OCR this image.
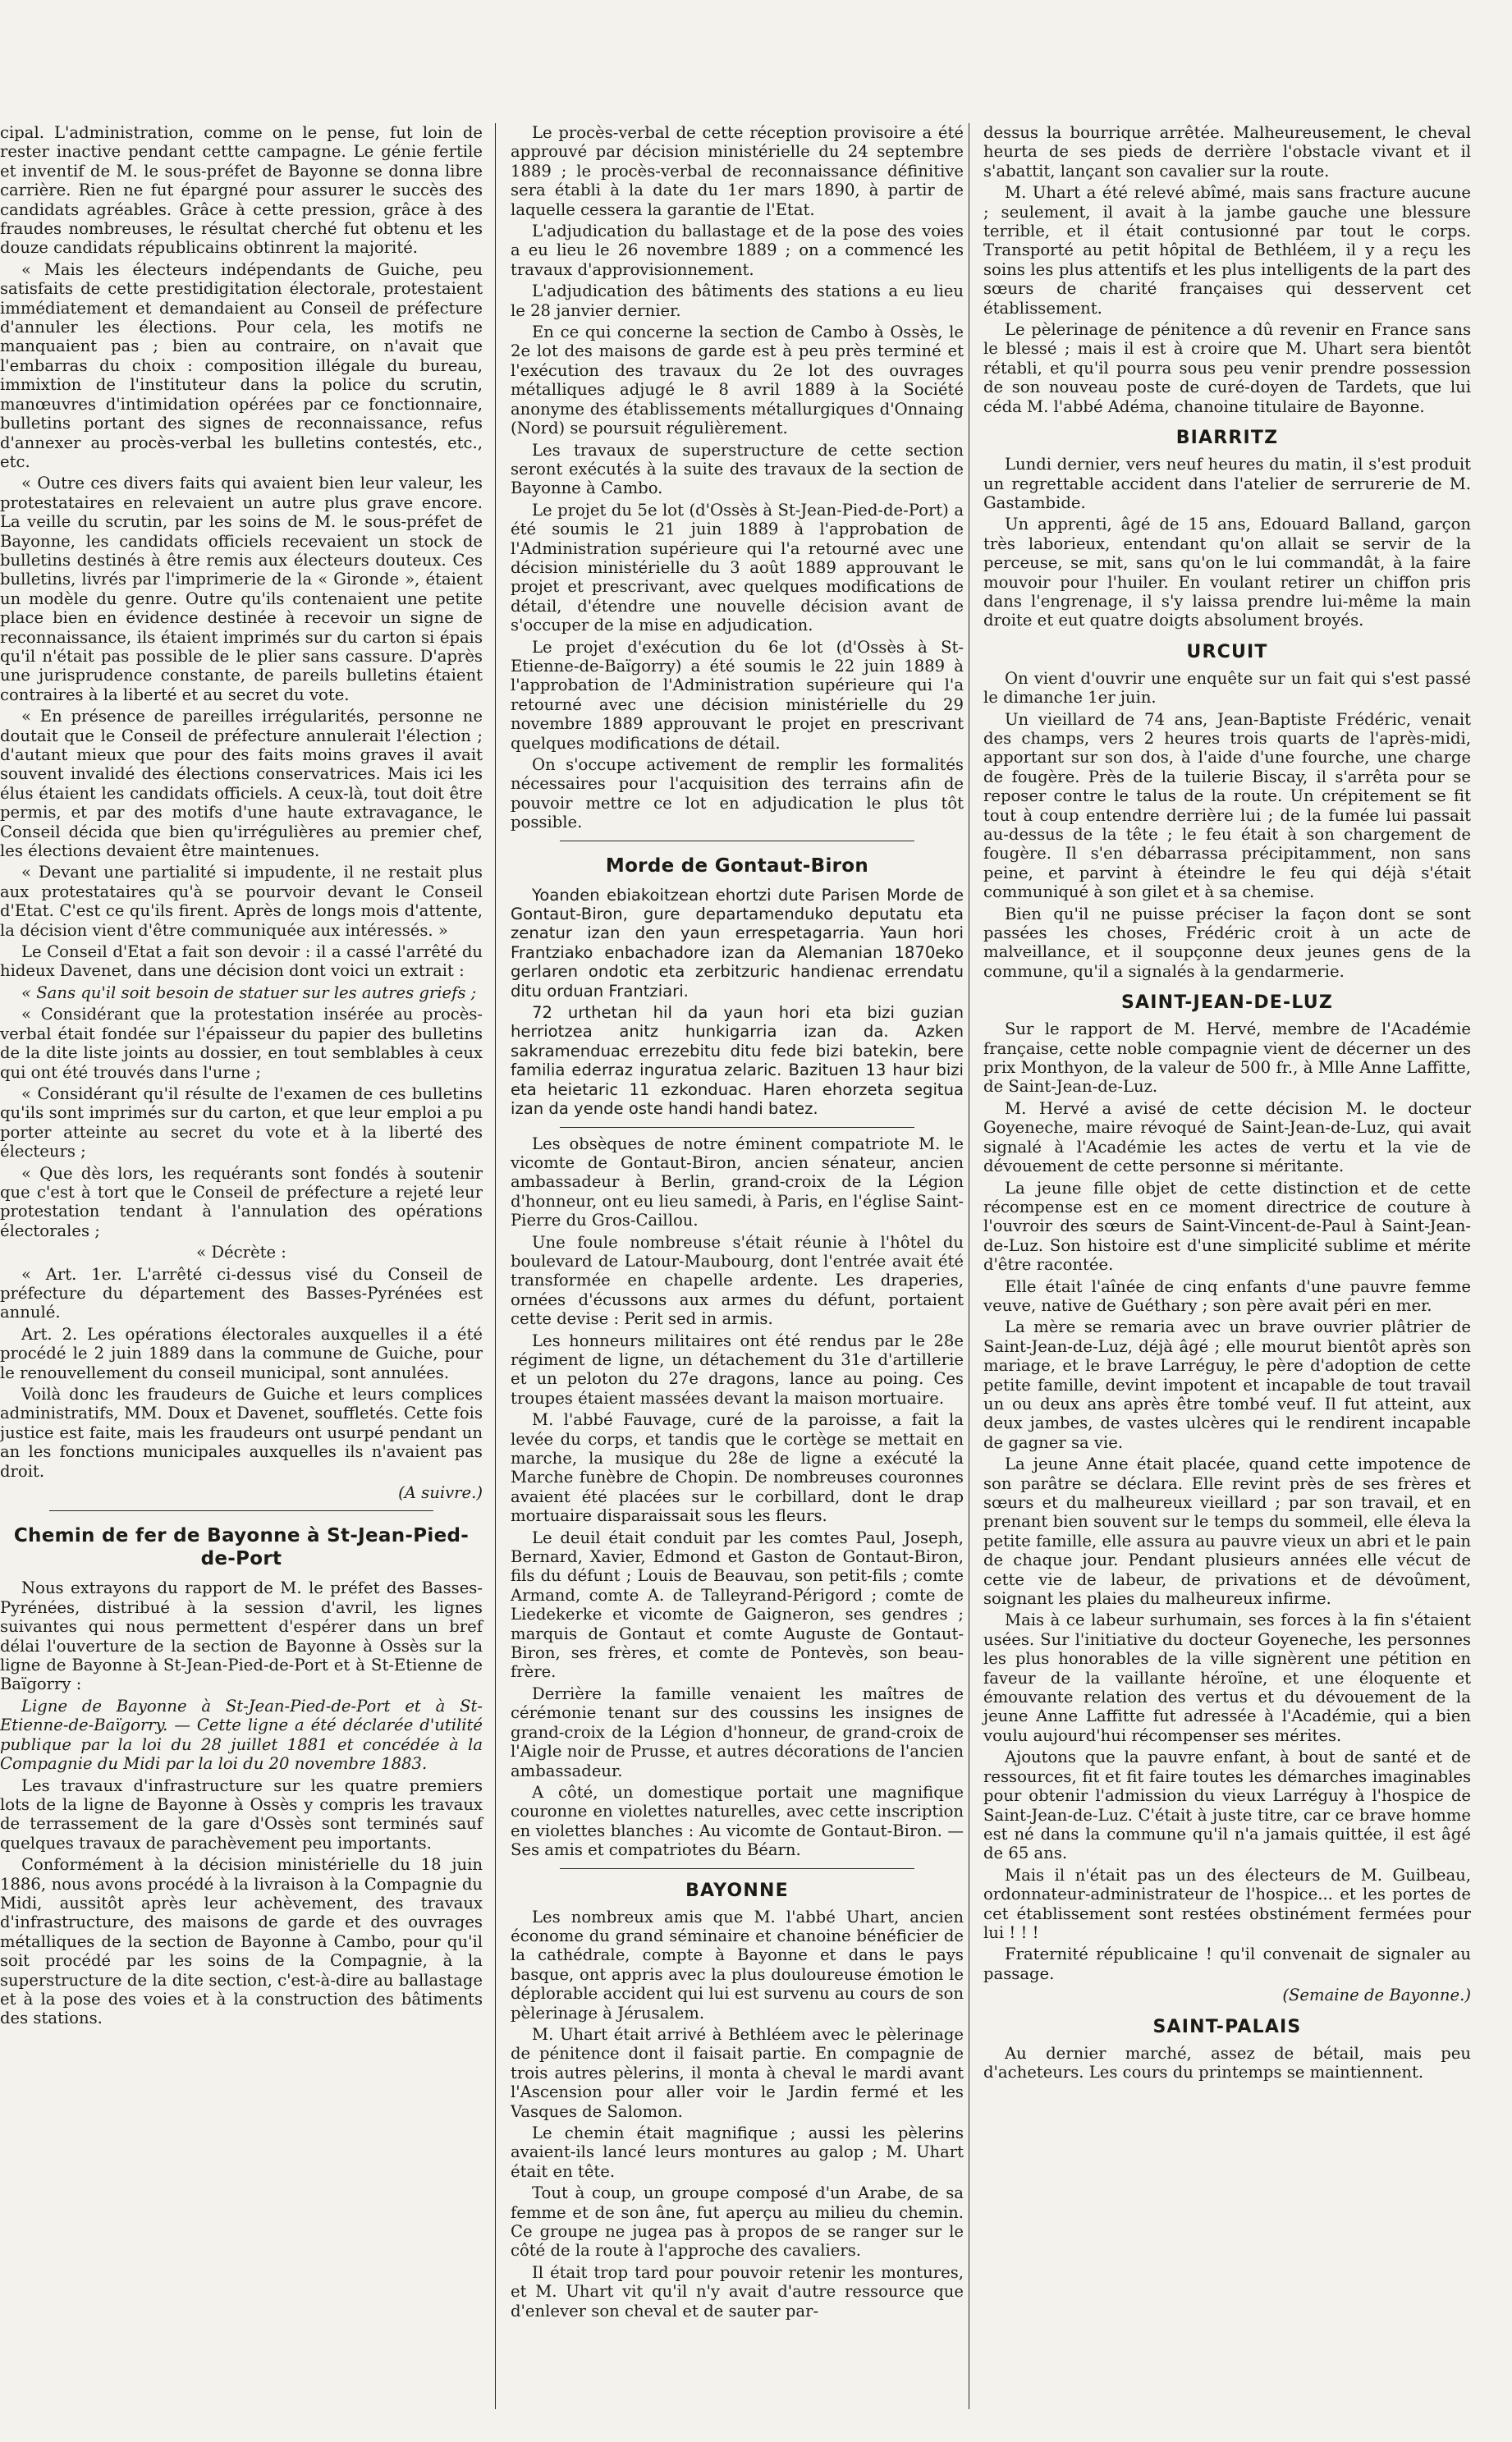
cipal. L'administration, comme on le pense, fut loin de rester inactive pendant cettte campagne. Le génie fertile et inventif de M. le sous-préfet de Bayonne se donna libre carrière. Rien ne fut épargné pour assurer le succès des candidats agréables. Grâce à cette pression, grâce à des fraudes nombreuses, le résultat cherché fut obtenu et les douze candidats républicains obtinrent la majorité.

« Mais les électeurs indépendants de Guiche, peu satisfaits de cette prestidigitation électorale, protestaient immédiatement et demandaient au Conseil de préfecture d'annuler les élections. Pour cela, les motifs ne manquaient pas ; bien au contraire, on n'avait que l'embarras du choix : composition illégale du bureau, immixtion de l'instituteur dans la police du scrutin, manœuvres d'intimidation opérées par ce fonctionnaire, bulletins portant des signes de reconnaissance, refus d'annexer au procès-verbal les bulletins contestés, etc., etc.

« Outre ces divers faits qui avaient bien leur valeur, les protestataires en relevaient un autre plus grave encore. La veille du scrutin, par les soins de M. le sous-préfet de Bayonne, les candidats officiels recevaient un stock de bulletins destinés à être remis aux électeurs douteux. Ces bulletins, livrés par l'imprimerie de la « Gironde », étaient un modèle du genre. Outre qu'ils contenaient une petite place bien en évidence destinée à recevoir un signe de reconnaissance, ils étaient imprimés sur du carton si épais qu'il n'était pas possible de le plier sans cassure. D'après une jurisprudence constante, de pareils bulletins étaient contraires à la liberté et au secret du vote.

« En présence de pareilles irrégularités, personne ne doutait que le Conseil de préfecture annulerait l'élection ; d'autant mieux que pour des faits moins graves il avait souvent invalidé des élections conservatrices. Mais ici les élus étaient les candidats officiels. A ceux-là, tout doit être permis, et par des motifs d'une haute extravagance, le Conseil décida que bien qu'irrégulières au premier chef, les élections devaient être maintenues.

« Devant une partialité si impudente, il ne restait plus aux protestataires qu'à se pourvoir devant le Conseil d'Etat. C'est ce qu'ils firent. Après de longs mois d'attente, la décision vient d'être communiquée aux intéressés. »

Le Conseil d'Etat a fait son devoir : il a cassé l'arrêté du hideux Davenet, dans une décision dont voici un extrait :

« Sans qu'il soit besoin de statuer sur les autres griefs ;

« Considérant que la protestation insérée au procès-verbal était fondée sur l'épaisseur du papier des bulletins de la dite liste joints au dossier, en tout semblables à ceux qui ont été trouvés dans l'urne ;

« Considérant qu'il résulte de l'examen de ces bulletins qu'ils sont imprimés sur du carton, et que leur emploi a pu porter atteinte au secret du vote et à la liberté des électeurs ;

« Que dès lors, les requérants sont fondés à soutenir que c'est à tort que le Conseil de préfecture a rejeté leur protestation tendant à l'annulation des opérations électorales ;

« Décrète :

« Art. 1er. L'arrêté ci-dessus visé du Conseil de préfecture du département des Basses-Pyrénées est annulé.

Art. 2. Les opérations électorales auxquelles il a été procédé le 2 juin 1889 dans la commune de Guiche, pour le renouvellement du conseil municipal, sont annulées.

Voilà donc les fraudeurs de Guiche et leurs complices administratifs, MM. Doux et Davenet, souffletés. Cette fois justice est faite, mais les fraudeurs ont usurpé pendant un an les fonctions municipales auxquelles ils n'avaient pas droit.

(A suivre.)

Chemin de fer de Bayonne à St-Jean-Pied-de-Port

Nous extrayons du rapport de M. le préfet des Basses-Pyrénées, distribué à la session d'avril, les lignes suivantes qui nous permettent d'espérer dans un bref délai l'ouverture de la section de Bayonne à Ossès sur la ligne de Bayonne à St-Jean-Pied-de-Port et à St-Etienne de Baïgorry :

Ligne de Bayonne à St-Jean-Pied-de-Port et à St-Etienne-de-Baïgorry. — Cette ligne a été déclarée d'utilité publique par la loi du 28 juillet 1881 et concédée à la Compagnie du Midi par la loi du 20 novembre 1883.

Les travaux d'infrastructure sur les quatre premiers lots de la ligne de Bayonne à Ossès y compris les travaux de terrassement de la gare d'Ossès sont terminés sauf quelques travaux de parachèvement peu importants.

Conformément à la décision ministérielle du 18 juin 1886, nous avons procédé à la livraison à la Compagnie du Midi, aussitôt après leur achèvement, des travaux d'infrastructure, des maisons de garde et des ouvrages métalliques de la section de Bayonne à Cambo, pour qu'il soit procédé par les soins de la Compagnie, à la superstructure de la dite section, c'est-à-dire au ballastage et à la pose des voies et à la construction des bâtiments des stations.

Le procès-verbal de cette réception provisoire a été approuvé par décision ministérielle du 24 septembre 1889 ; le procès-verbal de reconnaissance définitive sera établi à la date du 1er mars 1890, à partir de laquelle cessera la garantie de l'Etat.

L'adjudication du ballastage et de la pose des voies a eu lieu le 26 novembre 1889 ; on a commencé les travaux d'approvisionnement.

L'adjudication des bâtiments des stations a eu lieu le 28 janvier dernier.

En ce qui concerne la section de Cambo à Ossès, le 2e lot des maisons de garde est à peu près terminé et l'exécution des travaux du 2e lot des ouvrages métalliques adjugé le 8 avril 1889 à la Société anonyme des établissements métallurgiques d'Onnaing (Nord) se poursuit régulièrement.

Les travaux de superstructure de cette section seront exécutés à la suite des travaux de la section de Bayonne à Cambo.

Le projet du 5e lot (d'Ossès à St-Jean-Pied-de-Port) a été soumis le 21 juin 1889 à l'approbation de l'Administration supérieure qui l'a retourné avec une décision ministérielle du 3 août 1889 approuvant le projet et prescrivant, avec quelques modifications de détail, d'étendre une nouvelle décision avant de s'occuper de la mise en adjudication.

Le projet d'exécution du 6e lot (d'Ossès à St-Etienne-de-Baïgorry) a été soumis le 22 juin 1889 à l'approbation de l'Administration supérieure qui l'a retourné avec une décision ministérielle du 29 novembre 1889 approuvant le projet en prescrivant quelques modifications de détail.

On s'occupe activement de remplir les formalités nécessaires pour l'acquisition des terrains afin de pouvoir mettre ce lot en adjudication le plus tôt possible.

Morde de Gontaut-Biron

Yoanden ebiakoitzean ehortzi dute Parisen Morde de Gontaut-Biron, gure departamenduko deputatu eta zenatur izan den yaun errespetagarria. Yaun hori Frantziako enbachadore izan da Alemanian 1870eko gerlaren ondotic eta zerbitzuric handienac errendatu ditu orduan Frantziari.

72 urthetan hil da yaun hori eta bizi guzian herriotzea anitz hunkigarria izan da. Azken sakramenduac errezebitu ditu fede bizi batekin, bere familia ederraz inguratua zelaric. Bazituen 13 haur bizi eta heietaric 11 ezkonduac. Haren ehorzeta segitua izan da yende oste handi handi batez.

Les obsèques de notre éminent compatriote M. le vicomte de Gontaut-Biron, ancien sénateur, ancien ambassadeur à Berlin, grand-croix de la Légion d'honneur, ont eu lieu samedi, à Paris, en l'église Saint-Pierre du Gros-Caillou.

Une foule nombreuse s'était réunie à l'hôtel du boulevard de Latour-Maubourg, dont l'entrée avait été transformée en chapelle ardente. Les draperies, ornées d'écussons aux armes du défunt, portaient cette devise : Perit sed in armis.

Les honneurs militaires ont été rendus par le 28e régiment de ligne, un détachement du 31e d'artillerie et un peloton du 27e dragons, lance au poing. Ces troupes étaient massées devant la maison mortuaire.

M. l'abbé Fauvage, curé de la paroisse, a fait la levée du corps, et tandis que le cortège se mettait en marche, la musique du 28e de ligne a exécuté la Marche funèbre de Chopin. De nombreuses couronnes avaient été placées sur le corbillard, dont le drap mortuaire disparaissait sous les fleurs.

Le deuil était conduit par les comtes Paul, Joseph, Bernard, Xavier, Edmond et Gaston de Gontaut-Biron, fils du défunt ; Louis de Beauvau, son petit-fils ; comte Armand, comte A. de Talleyrand-Périgord ; comte de Liedekerke et vicomte de Gaigneron, ses gendres ; marquis de Gontaut et comte Auguste de Gontaut-Biron, ses frères, et comte de Pontevès, son beau-frère.

Derrière la famille venaient les maîtres de cérémonie tenant sur des coussins les insignes de grand-croix de la Légion d'honneur, de grand-croix de l'Aigle noir de Prusse, et autres décorations de l'ancien ambassadeur.

A côté, un domestique portait une magnifique couronne en violettes naturelles, avec cette inscription en violettes blanches : Au vicomte de Gontaut-Biron. — Ses amis et compatriotes du Béarn.

BAYONNE

Les nombreux amis que M. l'abbé Uhart, ancien économe du grand séminaire et chanoine bénéficier de la cathédrale, compte à Bayonne et dans le pays basque, ont appris avec la plus douloureuse émotion le déplorable accident qui lui est survenu au cours de son pèlerinage à Jérusalem.

M. Uhart était arrivé à Bethléem avec le pèlerinage de pénitence dont il faisait partie. En compagnie de trois autres pèlerins, il monta à cheval le mardi avant l'Ascension pour aller voir le Jardin fermé et les Vasques de Salomon.

Le chemin était magnifique ; aussi les pèlerins avaient-ils lancé leurs montures au galop ; M. Uhart était en tête.

Tout à coup, un groupe composé d'un Arabe, de sa femme et de son âne, fut aperçu au milieu du chemin. Ce groupe ne jugea pas à propos de se ranger sur le côté de la route à l'approche des cavaliers.

Il était trop tard pour pouvoir retenir les montures, et M. Uhart vit qu'il n'y avait d'autre ressource que d'enlever son cheval et de sauter par-

dessus la bourrique arrêtée. Malheureusement, le cheval heurta de ses pieds de derrière l'obstacle vivant et il s'abattit, lançant son cavalier sur la route.

M. Uhart a été relevé abîmé, mais sans fracture aucune ; seulement, il avait à la jambe gauche une blessure terrible, et il était contusionné par tout le corps. Transporté au petit hôpital de Bethléem, il y a reçu les soins les plus attentifs et les plus intelligents de la part des sœurs de charité françaises qui desservent cet établissement.

Le pèlerinage de pénitence a dû revenir en France sans le blessé ; mais il est à croire que M. Uhart sera bientôt rétabli, et qu'il pourra sous peu venir prendre possession de son nouveau poste de curé-doyen de Tardets, que lui céda M. l'abbé Adéma, chanoine titulaire de Bayonne.

BIARRITZ

Lundi dernier, vers neuf heures du matin, il s'est produit un regrettable accident dans l'atelier de serrurerie de M. Gastambide.

Un apprenti, âgé de 15 ans, Edouard Balland, garçon très laborieux, entendant qu'on allait se servir de la perceuse, se mit, sans qu'on le lui commandât, à la faire mouvoir pour l'huiler. En voulant retirer un chiffon pris dans l'engrenage, il s'y laissa prendre lui-même la main droite et eut quatre doigts absolument broyés.

URCUIT

On vient d'ouvrir une enquête sur un fait qui s'est passé le dimanche 1er juin.

Un vieillard de 74 ans, Jean-Baptiste Frédéric, venait des champs, vers 2 heures trois quarts de l'après-midi, apportant sur son dos, à l'aide d'une fourche, une charge de fougère. Près de la tuilerie Biscay, il s'arrêta pour se reposer contre le talus de la route. Un crépitement se fit tout à coup entendre derrière lui ; de la fumée lui passait au-dessus de la tête ; le feu était à son chargement de fougère. Il s'en débarrassa précipitamment, non sans peine, et parvint à éteindre le feu qui déjà s'était communiqué à son gilet et à sa chemise.

Bien qu'il ne puisse préciser la façon dont se sont passées les choses, Frédéric croit à un acte de malveillance, et il soupçonne deux jeunes gens de la commune, qu'il a signalés à la gendarmerie.

SAINT-JEAN-DE-LUZ

Sur le rapport de M. Hervé, membre de l'Académie française, cette noble compagnie vient de décerner un des prix Monthyon, de la valeur de 500 fr., à Mlle Anne Laffitte, de Saint-Jean-de-Luz.

M. Hervé a avisé de cette décision M. le docteur Goyeneche, maire révoqué de Saint-Jean-de-Luz, qui avait signalé à l'Académie les actes de vertu et la vie de dévouement de cette personne si méritante.

La jeune fille objet de cette distinction et de cette récompense est en ce moment directrice de couture à l'ouvroir des sœurs de Saint-Vincent-de-Paul à Saint-Jean-de-Luz. Son histoire est d'une simplicité sublime et mérite d'être racontée.

Elle était l'aînée de cinq enfants d'une pauvre femme veuve, native de Guéthary ; son père avait péri en mer.

La mère se remaria avec un brave ouvrier plâtrier de Saint-Jean-de-Luz, déjà âgé ; elle mourut bientôt après son mariage, et le brave Larréguy, le père d'adoption de cette petite famille, devint impotent et incapable de tout travail un ou deux ans après être tombé veuf. Il fut atteint, aux deux jambes, de vastes ulcères qui le rendirent incapable de gagner sa vie.

La jeune Anne était placée, quand cette impotence de son parâtre se déclara. Elle revint près de ses frères et sœurs et du malheureux vieillard ; par son travail, et en prenant bien souvent sur le temps du sommeil, elle éleva la petite famille, elle assura au pauvre vieux un abri et le pain de chaque jour. Pendant plusieurs années elle vécut de cette vie de labeur, de privations et de dévoûment, soignant les plaies du malheureux infirme.

Mais à ce labeur surhumain, ses forces à la fin s'étaient usées. Sur l'initiative du docteur Goyeneche, les personnes les plus honorables de la ville signèrent une pétition en faveur de la vaillante héroïne, et une éloquente et émouvante relation des vertus et du dévouement de la jeune Anne Laffitte fut adressée à l'Académie, qui a bien voulu aujourd'hui récompenser ses mérites.

Ajoutons que la pauvre enfant, à bout de santé et de ressources, fit et fit faire toutes les démarches imaginables pour obtenir l'admission du vieux Larréguy à l'hospice de Saint-Jean-de-Luz. C'était à juste titre, car ce brave homme est né dans la commune qu'il n'a jamais quittée, il est âgé de 65 ans.

Mais il n'était pas un des électeurs de M. Guilbeau, ordonnateur-administrateur de l'hospice... et les portes de cet établissement sont restées obstinément fermées pour lui ! ! !

Fraternité républicaine ! qu'il convenait de signaler au passage.

(Semaine de Bayonne.)

SAINT-PALAIS

Au dernier marché, assez de bétail, mais peu d'acheteurs. Les cours du printemps se maintiennent.
